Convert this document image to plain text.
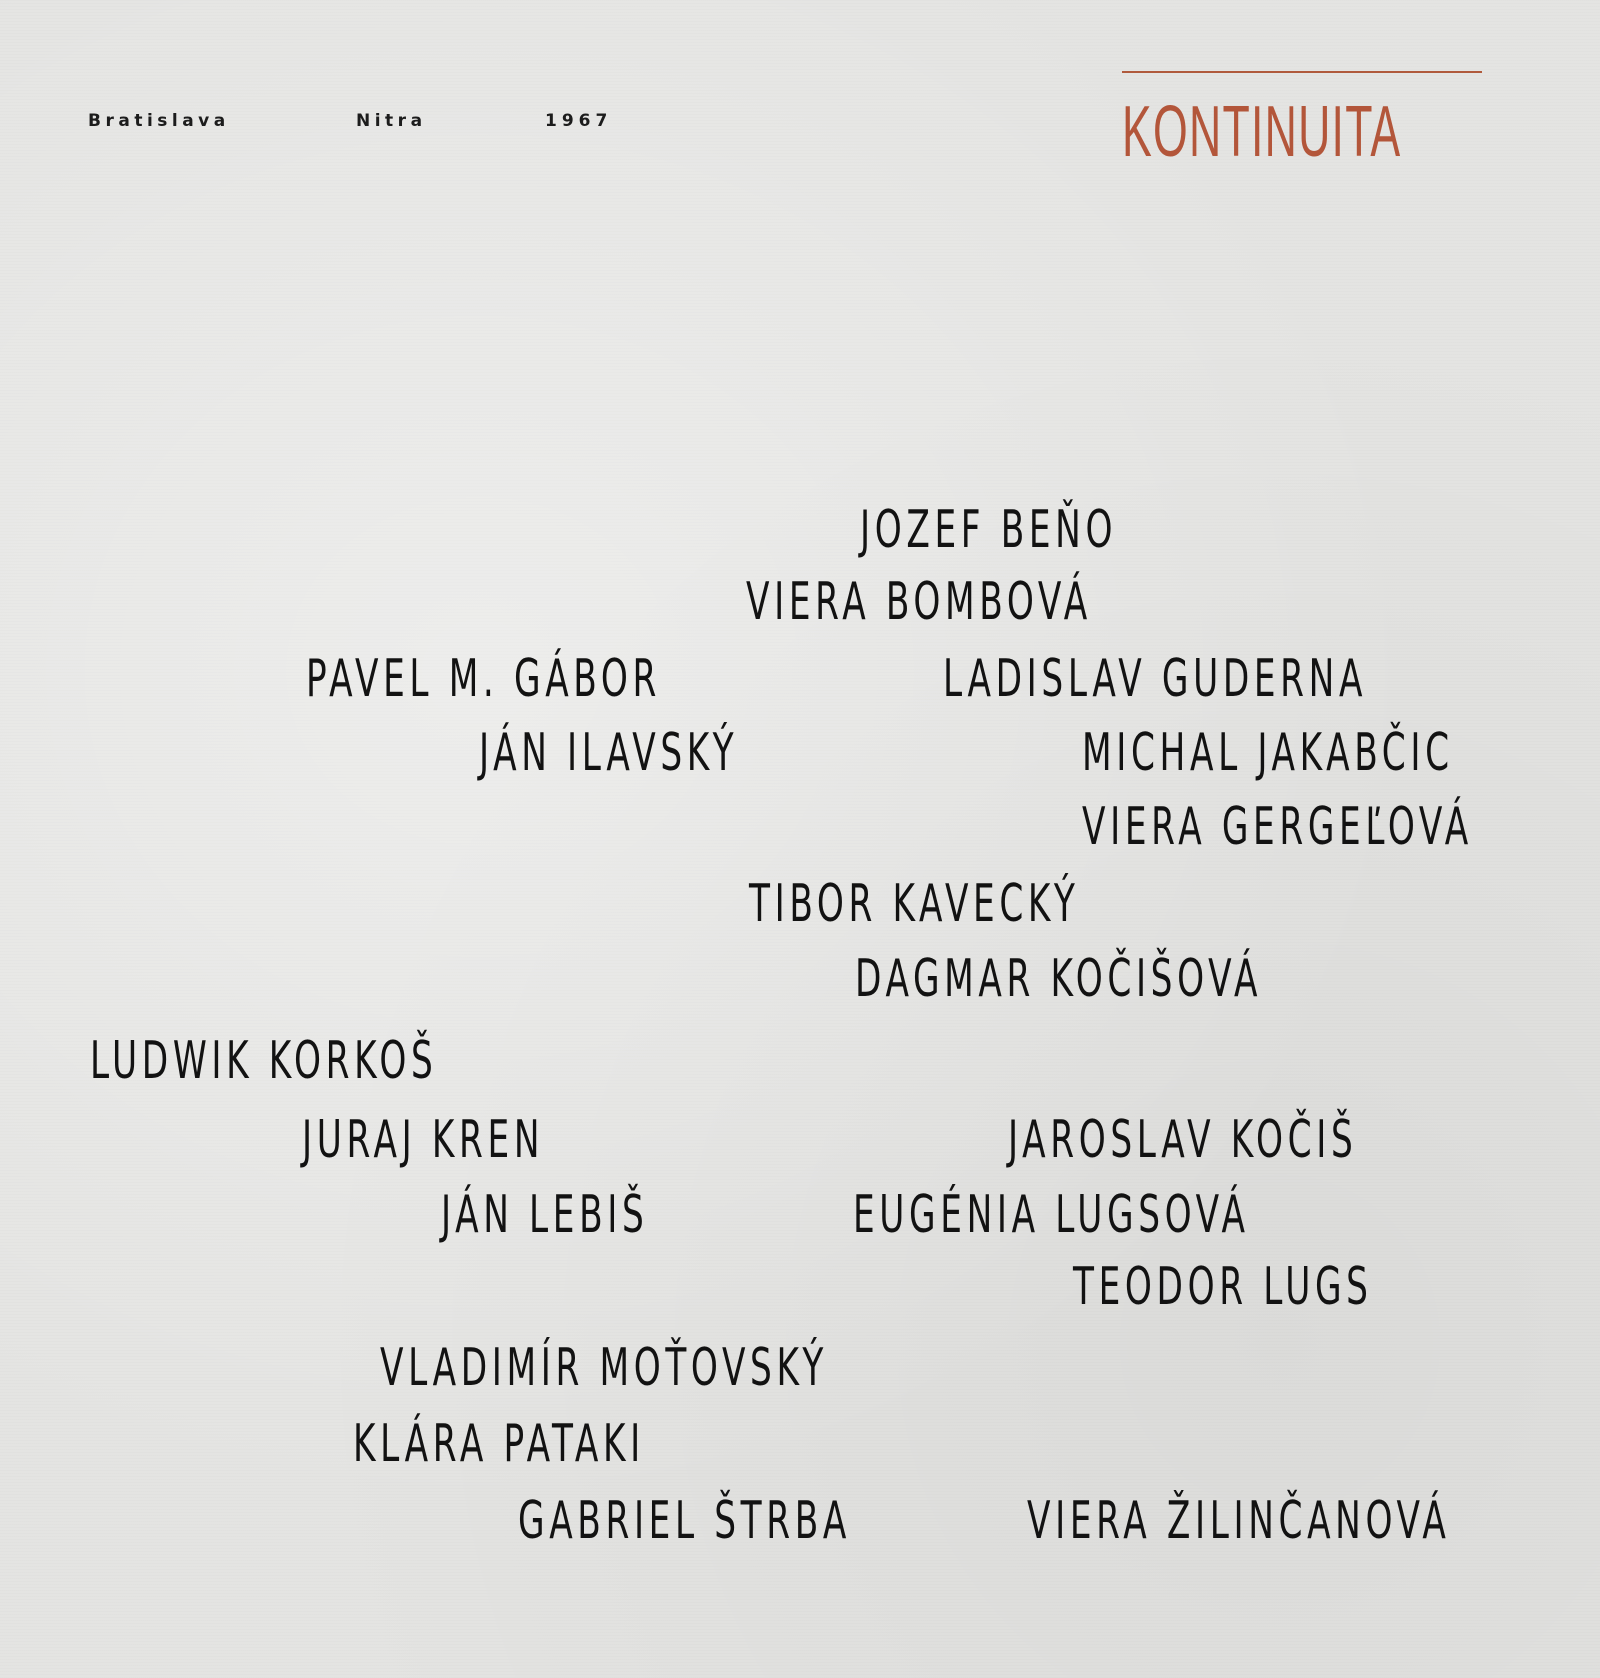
Bratislava	Nitra	1967	KONTINUITA
JOZEF BEŇO
VIERA BOMBOVÁ
PAVEL M. GÁBOR	LADISLAV GUDERNA
JÁN ILAVSKÝ	MICHAL JAKABČIC
VIERA GERGEĽOVÁ
TIBOR KAVECKÝ
DAGMAR KOČIŠOVÁ
LUDWIK KORKOŠ
JURAJ KREN	JAROSLAV KOČIŠ
JÁN LEBIŠ	EUGÉNIA LUGSOVÁ
TEODOR LUGS
VLADIMÍR MOŤOVSKÝ
KLÁRA PATAKI
GABRIEL ŠTRBA	VIERA ŽILINČANOVÁ
